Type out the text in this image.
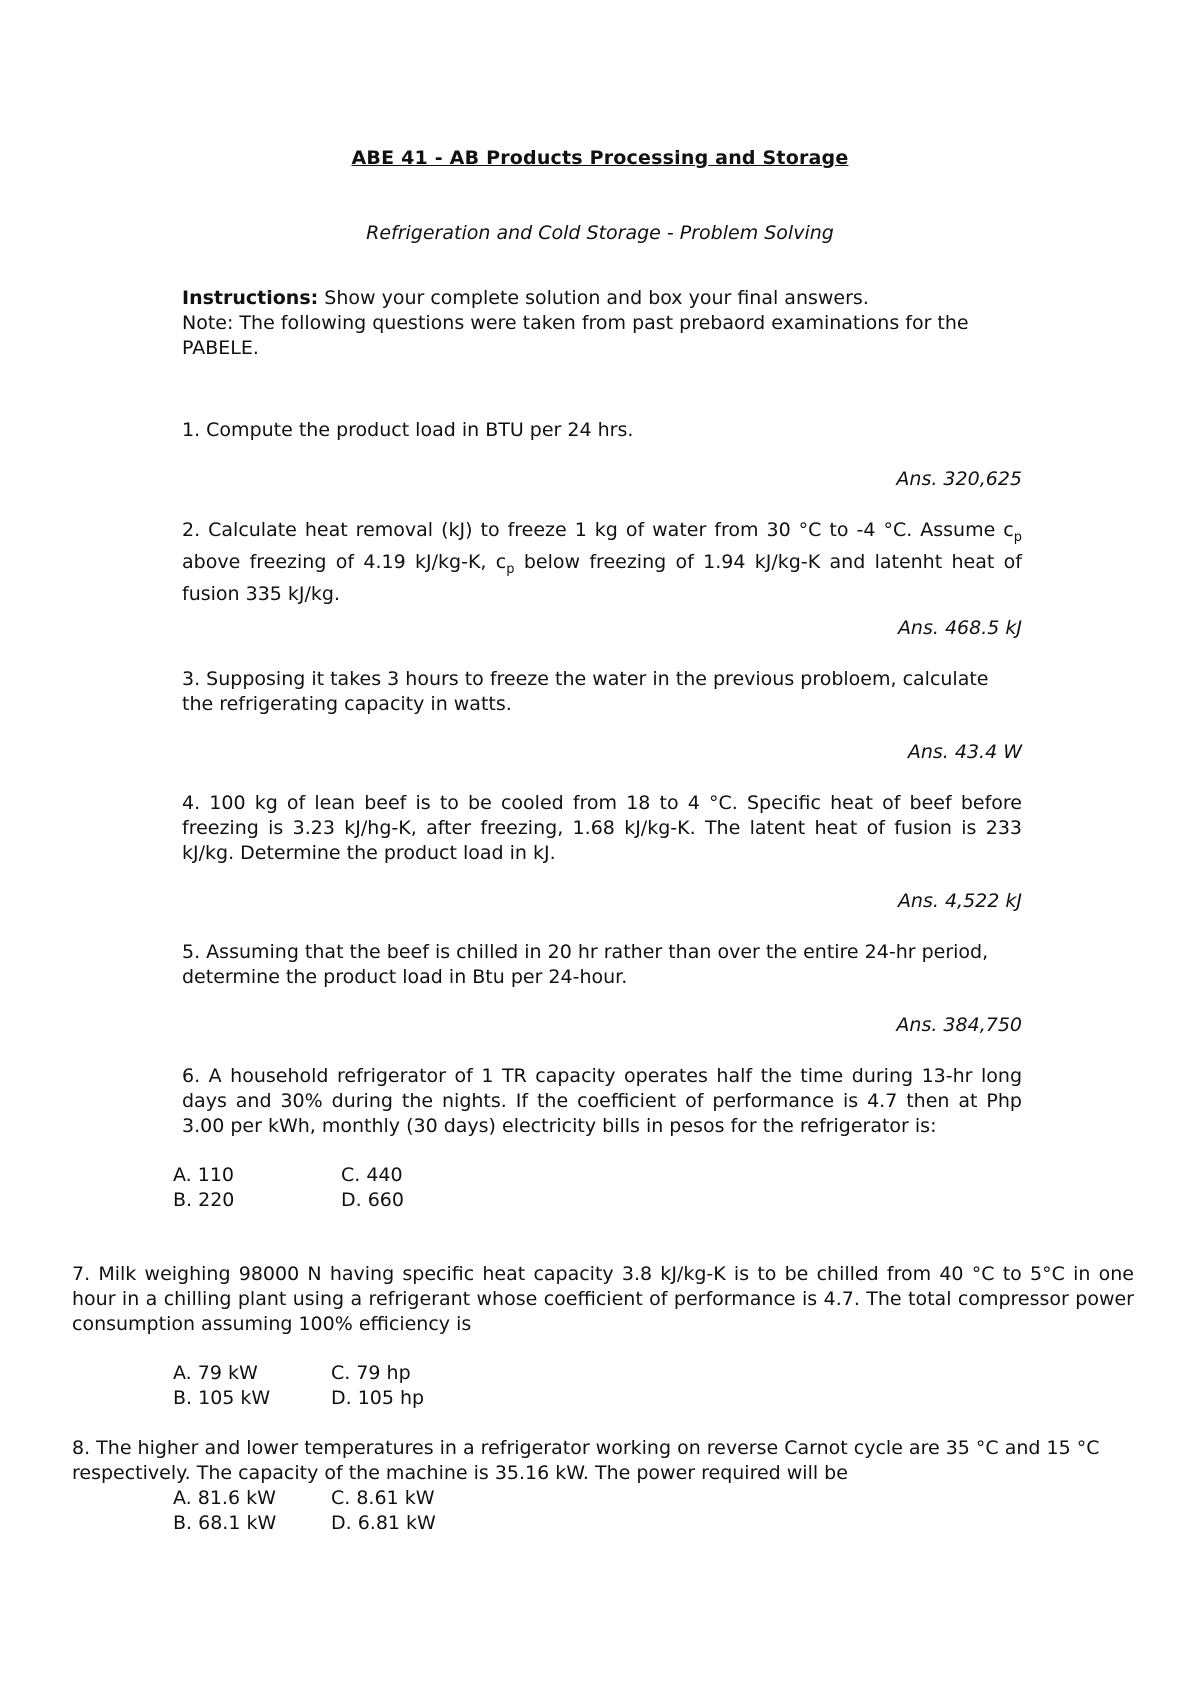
ABE 41 - AB Products Processing and Storage
Refrigeration and Cold Storage - Problem Solving
Instructions: Show your complete solution and box your final answers.
Note: The following questions were taken from past prebaord examinations for the PABELE.
1. Compute the product load in BTU per 24 hrs.
Ans. 320,625
2. Calculate heat removal (kJ) to freeze 1 kg of water from 30 °C to -4 °C. Assume $c_p$ above freezing of 4.19 kJ/kg-K, $c_p$ below freezing of 1.94 kJ/kg-K and latenht heat of fusion 335 kJ/kg.
Ans. 468.5 kJ
3. Supposing it takes 3 hours to freeze the water in the previous probloem, calculate the refrigerating capacity in watts.
Ans. 43.4 W
4. 100 kg of lean beef is to be cooled from 18 to 4 °C. Specific heat of beef before freezing is 3.23 kJ/hg-K, after freezing, 1.68 kJ/kg-K. The latent heat of fusion is 233 kJ/kg. Determine the product load in kJ.
Ans. 4,522 kJ
5. Assuming that the beef is chilled in 20 hr rather than over the entire 24-hr period, determine the product load in Btu per 24-hour.
Ans. 384,750
6. A household refrigerator of 1 TR capacity operates half the time during 13-hr long days and 30% during the nights. If the coefficient of performance is 4.7 then at Php 3.00 per kWh, monthly (30 days) electricity bills in pesos for the refrigerator is:
A. 110
B. 220
C. 440
D. 660
7. Milk weighing 98000 N having specific heat capacity 3.8 kJ/kg-K is to be chilled from 40 °C to 5°C in one hour in a chilling plant using a refrigerant whose coefficient of performance is 4.7. The total compressor power consumption assuming 100% efficiency is
A. 79 kW
B. 105 kW
C. 79 hp
D. 105 hp
8. The higher and lower temperatures in a refrigerator working on reverse Carnot cycle are 35 °C and 15 °C respectively. The capacity of the machine is 35.16 kW. The power required will be
A. 81.6 kW
B. 68.1 kW
C. 8.61 kW
D. 6.81 kW
